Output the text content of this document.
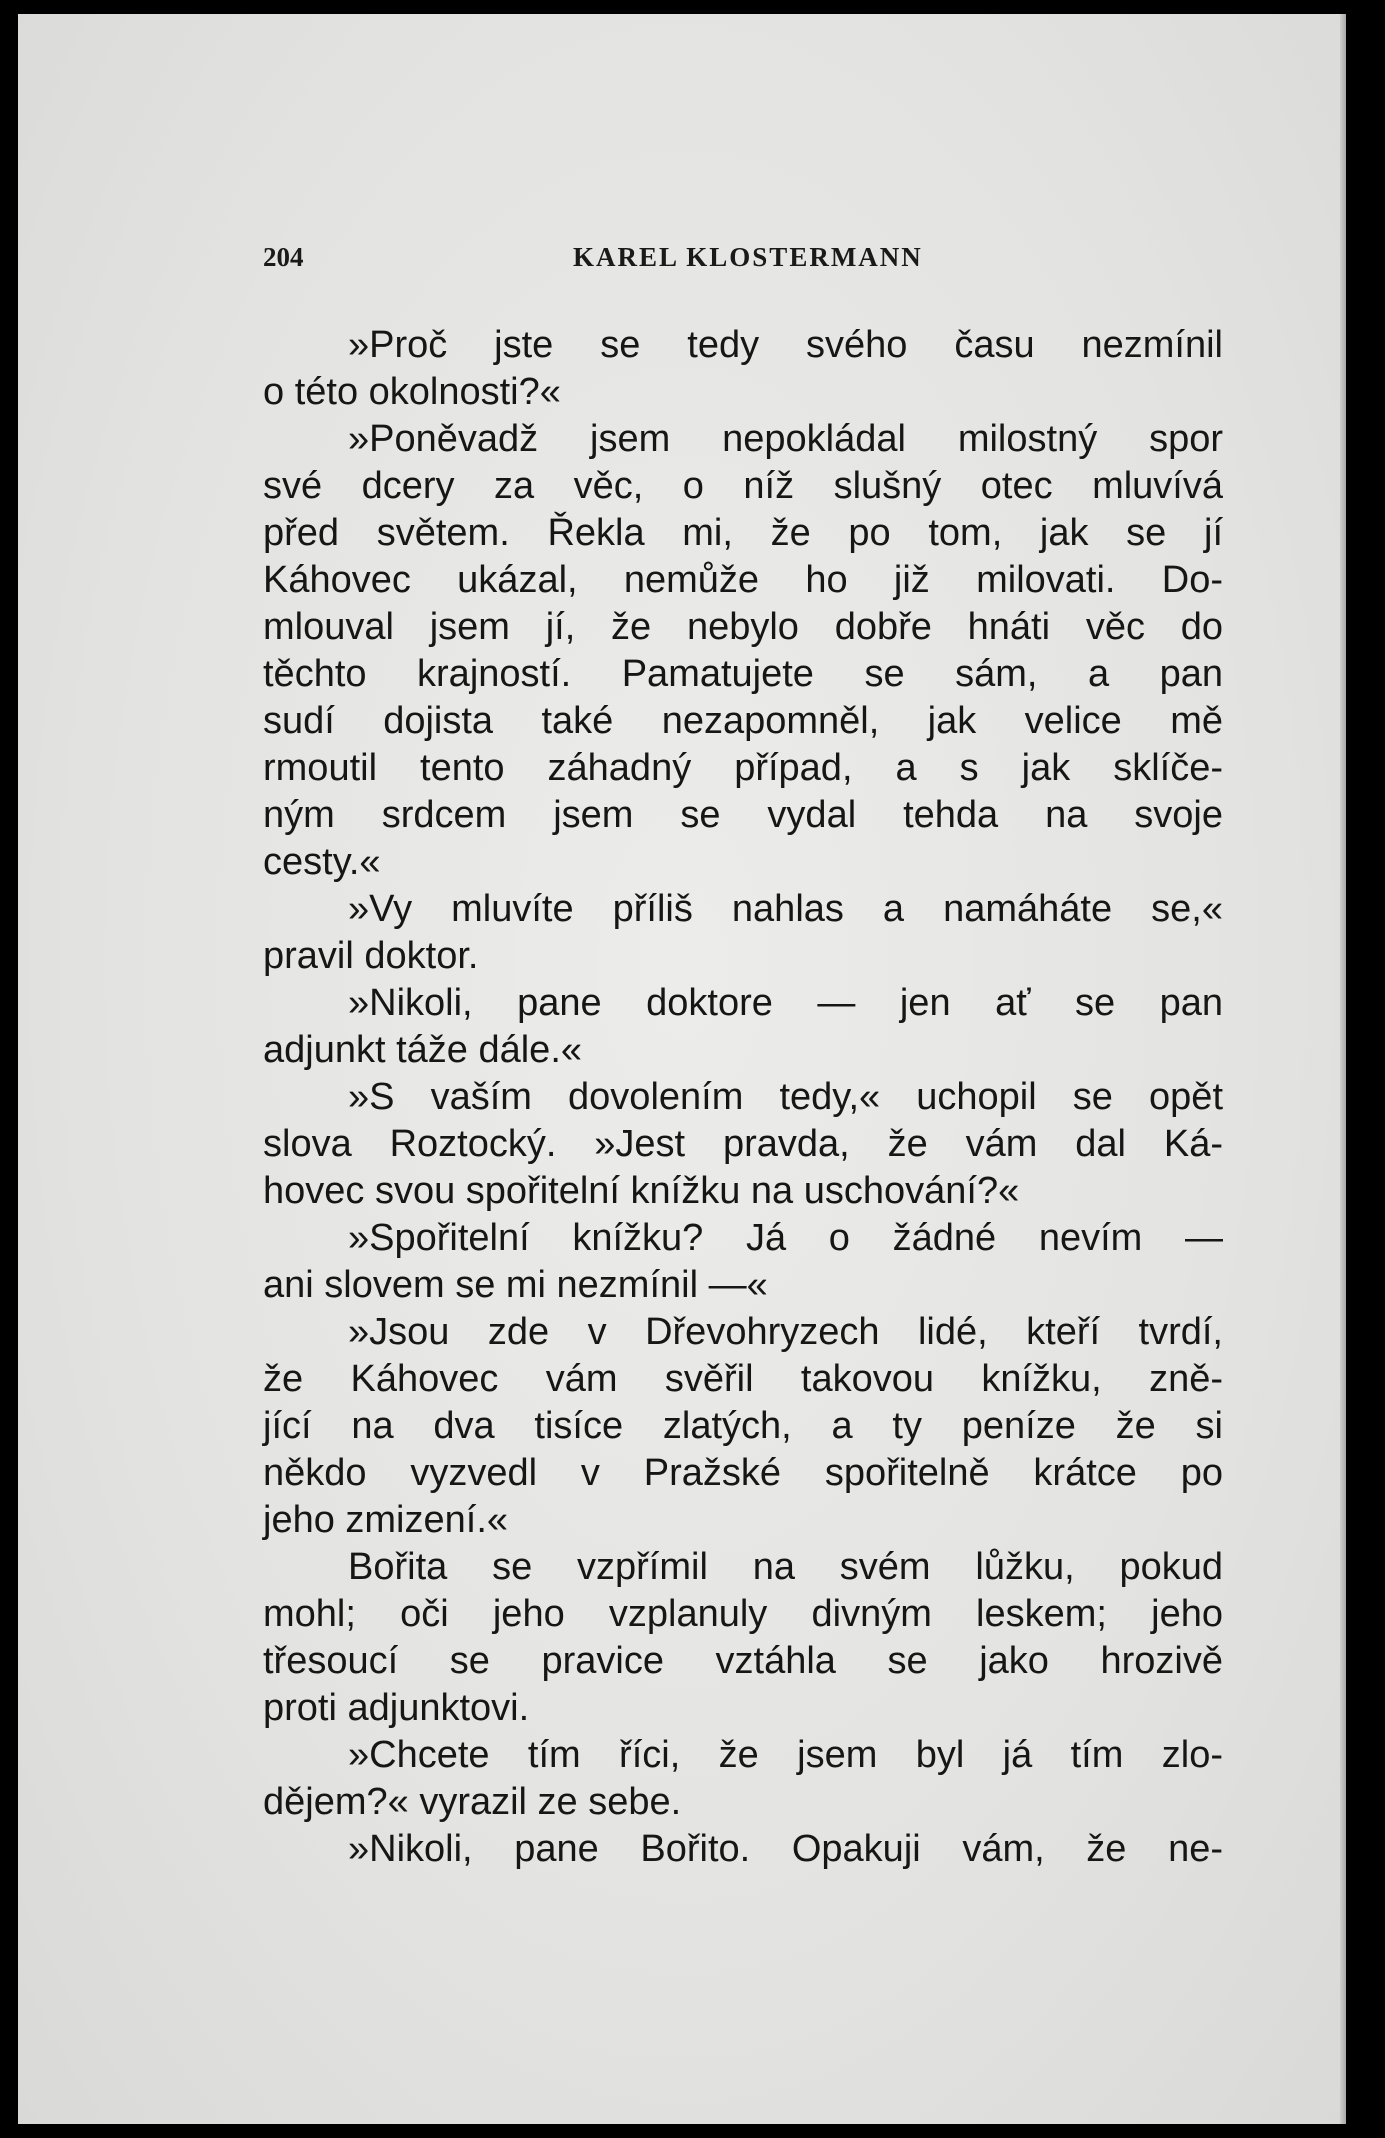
204	KAREL KLOSTERMANN
»Proč jste se tedy svého času nezmínil
o této okolnosti?«
»Poněvadž jsem nepokládal milostný spor
své dcery za věc, o níž slušný otec mluvívá
před světem. Řekla mi, že po tom, jak se jí
Káhovec ukázal, nemůže ho již milovati. Do-
mlouval jsem jí, že nebylo dobře hnáti věc do
těchto krajností. Pamatujete se sám, a pan
sudí dojista také nezapomněl, jak velice mě
rmoutil tento záhadný případ, a s jak sklíče-
ným srdcem jsem se vydal tehda na svoje
cesty.«
»Vy mluvíte příliš nahlas a namáháte se,«
pravil doktor.
»Nikoli, pane doktore — jen ať se pan
adjunkt táže dále.«
»S vaším dovolením tedy,« uchopil se opět
slova Roztocký. »Jest pravda, že vám dal Ká-
hovec svou spořitelní knížku na uschování?«
»Spořitelní knížku? Já o žádné nevím —
ani slovem se mi nezmínil —«
»Jsou zde v Dřevohryzech lidé, kteří tvrdí,
že Káhovec vám svěřil takovou knížku, zně-
jící na dva tisíce zlatých, a ty peníze že si
někdo vyzvedl v Pražské spořitelně krátce po
jeho zmizení.«
Bořita se vzpřímil na svém lůžku, pokud
mohl; oči jeho vzplanuly divným leskem; jeho
třesoucí se pravice vztáhla se jako hrozivě
proti adjunktovi.
»Chcete tím říci, že jsem byl já tím zlo-
dějem?« vyrazil ze sebe.
»Nikoli, pane Bořito. Opakuji vám, že ne-
